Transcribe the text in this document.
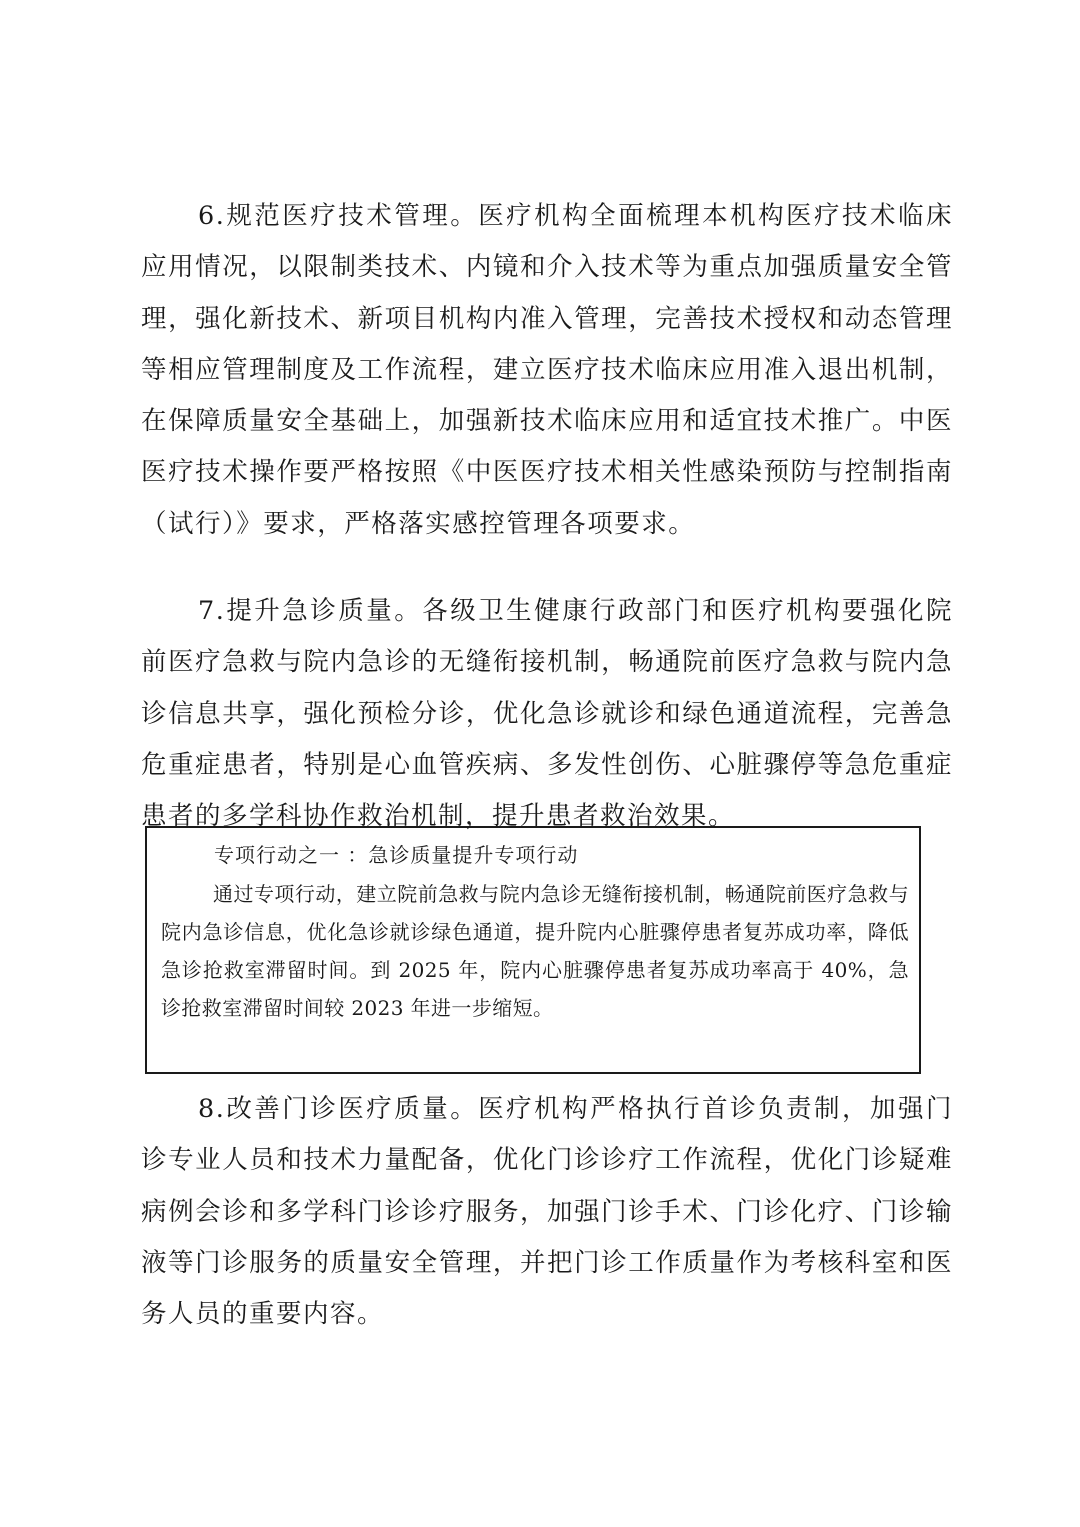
6.规范医疗技术管理。医疗机构全面梳理本机构医疗技术临床应用情况，以限制类技术、内镜和介入技术等为重点加强质量安全管理，强化新技术、新项目机构内准入管理，完善技术授权和动态管理等相应管理制度及工作流程，建立医疗技术临床应用准入退出机制，在保障质量安全基础上，加强新技术临床应用和适宜技术推广。中医医疗技术操作要严格按照《中医医疗技术相关性感染预防与控制指南（试行）》要求，严格落实感控管理各项要求。

7.提升急诊质量。各级卫生健康行政部门和医疗机构要强化院前医疗急救与院内急诊的无缝衔接机制，畅通院前医疗急救与院内急诊信息共享，强化预检分诊，优化急诊就诊和绿色通道流程，完善急危重症患者，特别是心血管疾病、多发性创伤、心脏骤停等急危重症患者的多学科协作救治机制，提升患者救治效果。

专项行动之一 ：急诊质量提升专项行动

通过专项行动，建立院前急救与院内急诊无缝衔接机制，畅通院前医疗急救与院内急诊信息，优化急诊就诊绿色通道，提升院内心脏骤停患者复苏成功率，降低急诊抢救室滞留时间。到 2025 年，院内心脏骤停患者复苏成功率高于 40%，急诊抢救室滞留时间较 2023 年进一步缩短。

8.改善门诊医疗质量。医疗机构严格执行首诊负责制，加强门诊专业人员和技术力量配备，优化门诊诊疗工作流程，优化门诊疑难病例会诊和多学科门诊诊疗服务，加强门诊手术、门诊化疗、门诊输液等门诊服务的质量安全管理，并把门诊工作质量作为考核科室和医务人员的重要内容。
